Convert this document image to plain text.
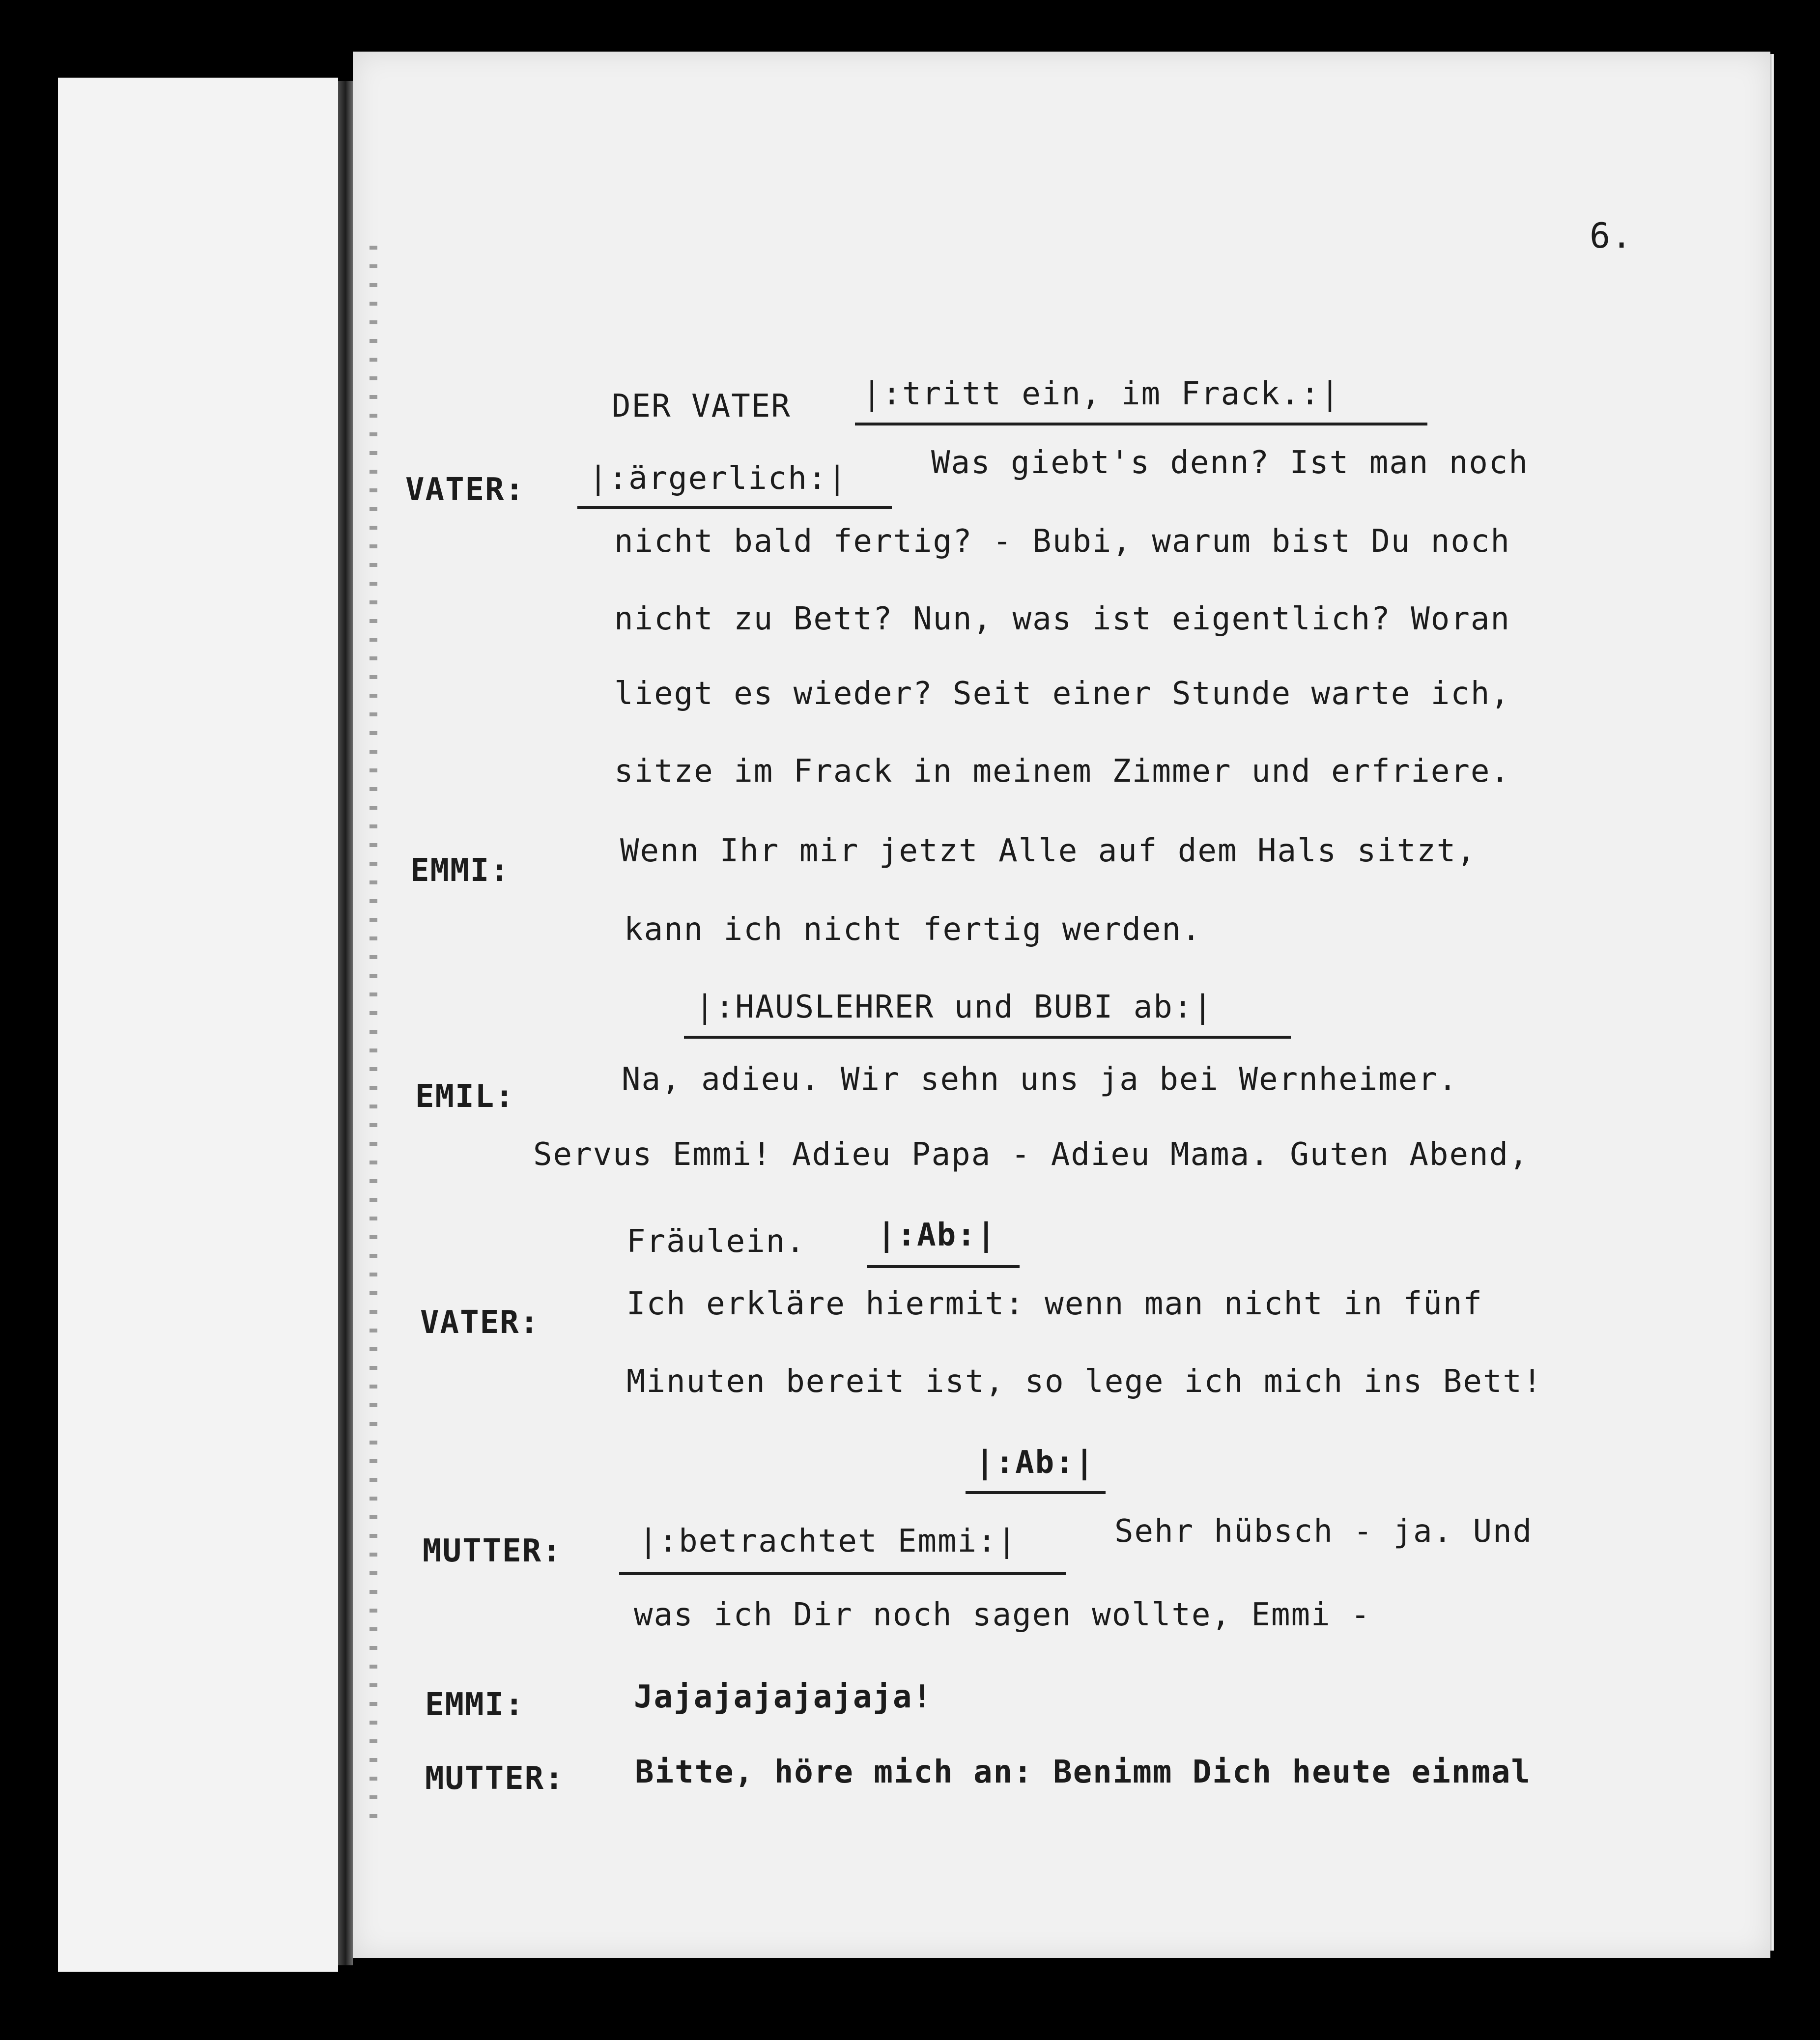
6.
DER VATER |:tritt ein, im Frack.:|
VATER: |:ärgerlich:|	Was giebt's denn? Ist man noch
nicht bald fertig? - Bubi, warum bist Du noch
nicht zu Bett? Nun, was ist eigentlich? Woran
liegt es wieder? Seit einer Stunde warte ich,
sitze im Frack in meinem Zimmer und erfriere.
EMMI:
Wenn Ihr mir jetzt Alle auf dem Hals sitzt,
kann ich nicht fertig werden.
|:HAUSLEHRER und BUBI ab:|
EMIL:	Na, adieu. Wir sehn uns ja bei Wernheimer.
Servus Emmi! Adieu Papa - Adieu Mama. Guten Abend,
Fräulein. |:Ab:|
VATER:
Ich erkläre hiermit: wenn man nicht in fünf
Minuten bereit ist, so lege ich mich ins Bett!
|:Ab:|
MUTTER: |:betrachtet Emmi:|	Sehr hübsch - ja. Und
was ich Dir noch sagen wollte, Emmi -
EMMI:	Jajajajajajaja!
MUTTER: Bitte, höre mich an: Benimm Dich heute einmal
